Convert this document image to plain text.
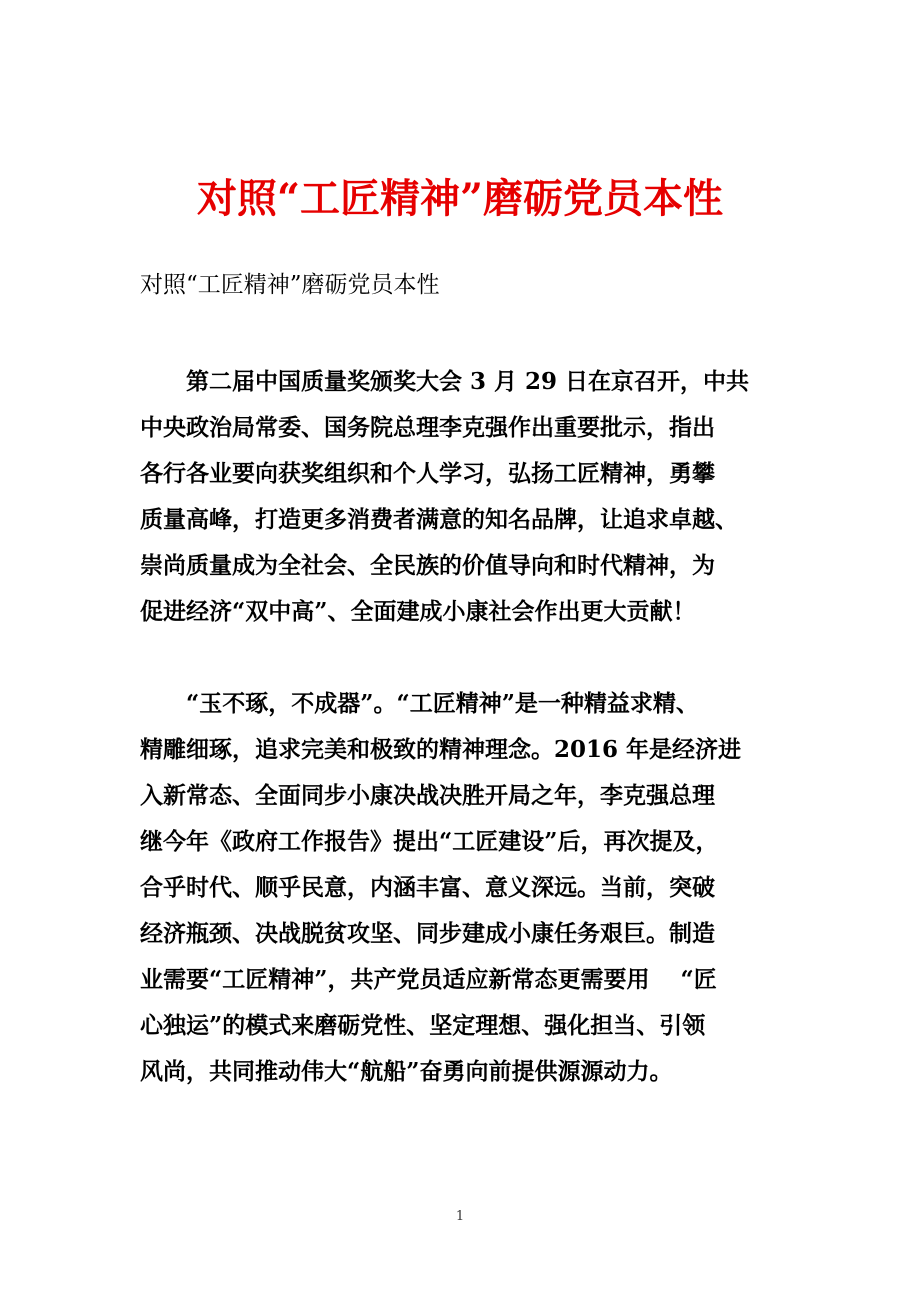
对照“工匠精神”磨砺党员本性
对照“工匠精神”磨砺党员本性
　　第二届中国质量奖颁奖大会 3 月 29 日在京召开，中共
中央政治局常委、国务院总理李克强作出重要批示，指出
各行各业要向获奖组织和个人学习，弘扬工匠精神，勇攀
质量高峰，打造更多消费者满意的知名品牌，让追求卓越、
崇尚质量成为全社会、全民族的价值导向和时代精神，为
促进经济“双中高”、全面建成小康社会作出更大贡献！
　　“玉不琢，不成器”。“工匠精神”是一种精益求精、
精雕细琢，追求完美和极致的精神理念。2016 年是经济进
入新常态、全面同步小康决战决胜开局之年，李克强总理
继今年《政府工作报告》提出“工匠建设”后，再次提及，
合乎时代、顺乎民意，内涵丰富、意义深远。当前，突破
经济瓶颈、决战脱贫攻坚、同步建成小康任务艰巨。制造
业需要“工匠精神”，共产党员适应新常态更需要用　 “匠
心独运”的模式来磨砺党性、坚定理想、强化担当、引领
风尚，共同推动伟大“航船”奋勇向前提供源源动力。
1
